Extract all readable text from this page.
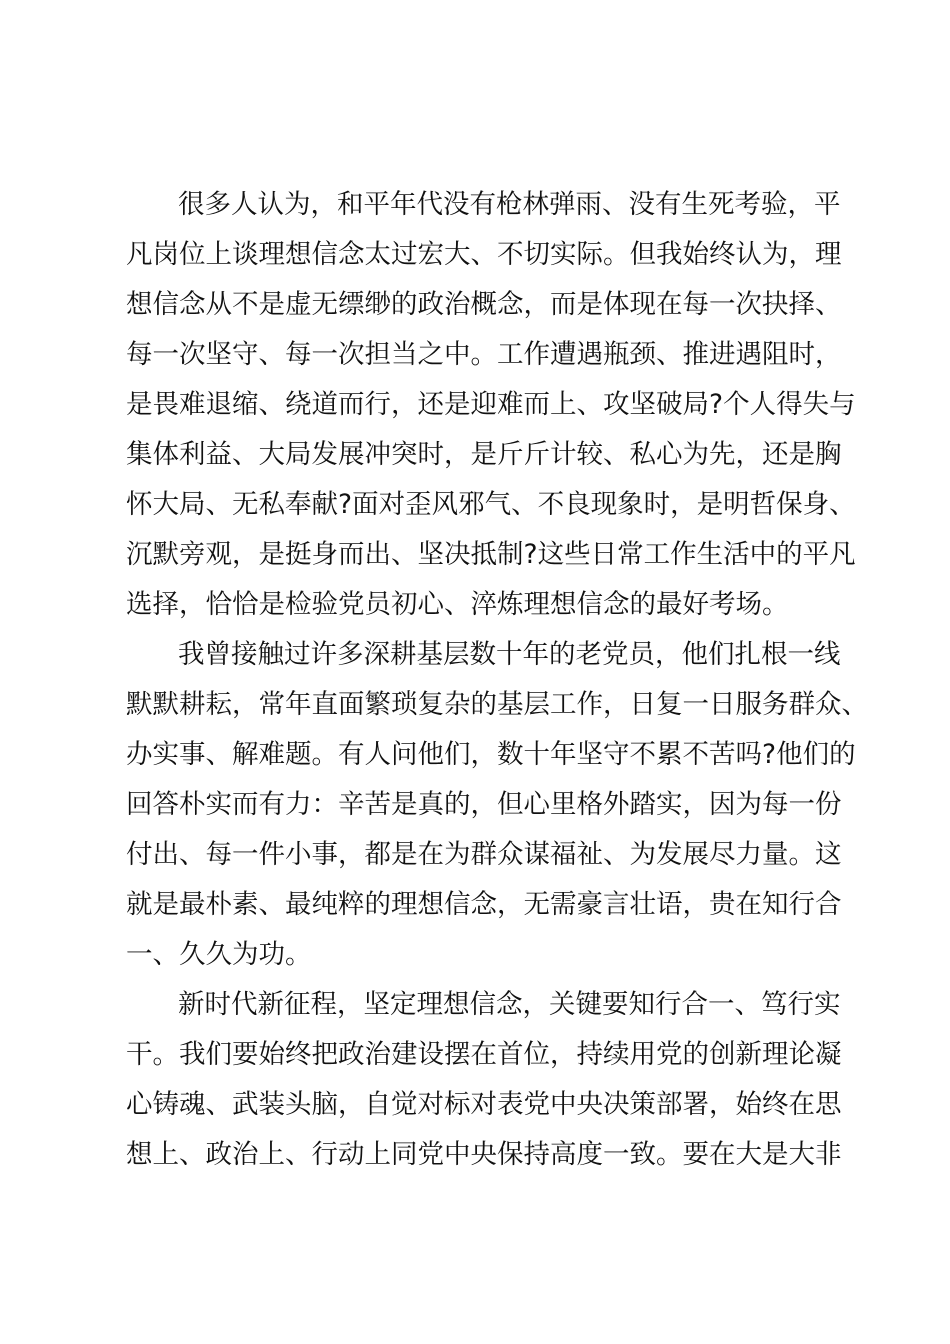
很多人认为，和平年代没有枪林弹雨、没有生死考验，平
凡岗位上谈理想信念太过宏大、不切实际。但我始终认为，理
想信念从不是虚无缥缈的政治概念，而是体现在每一次抉择、
每一次坚守、每一次担当之中。工作遭遇瓶颈、推进遇阻时，
是畏难退缩、绕道而行，还是迎难而上、攻坚破局?个人得失与
集体利益、大局发展冲突时，是斤斤计较、私心为先，还是胸
怀大局、无私奉献?面对歪风邪气、不良现象时，是明哲保身、
沉默旁观，是挺身而出、坚决抵制?这些日常工作生活中的平凡
选择，恰恰是检验党员初心、淬炼理想信念的最好考场。
我曾接触过许多深耕基层数十年的老党员，他们扎根一线
默默耕耘，常年直面繁琐复杂的基层工作，日复一日服务群众、
办实事、解难题。有人问他们，数十年坚守不累不苦吗?他们的
回答朴实而有力：辛苦是真的，但心里格外踏实，因为每一份
付出、每一件小事，都是在为群众谋福祉、为发展尽力量。这
就是最朴素、最纯粹的理想信念，无需豪言壮语，贵在知行合
一、久久为功。
新时代新征程，坚定理想信念，关键要知行合一、笃行实
干。我们要始终把政治建设摆在首位，持续用党的创新理论凝
心铸魂、武装头脑，自觉对标对表党中央决策部署，始终在思
想上、政治上、行动上同党中央保持高度一致。要在大是大非
